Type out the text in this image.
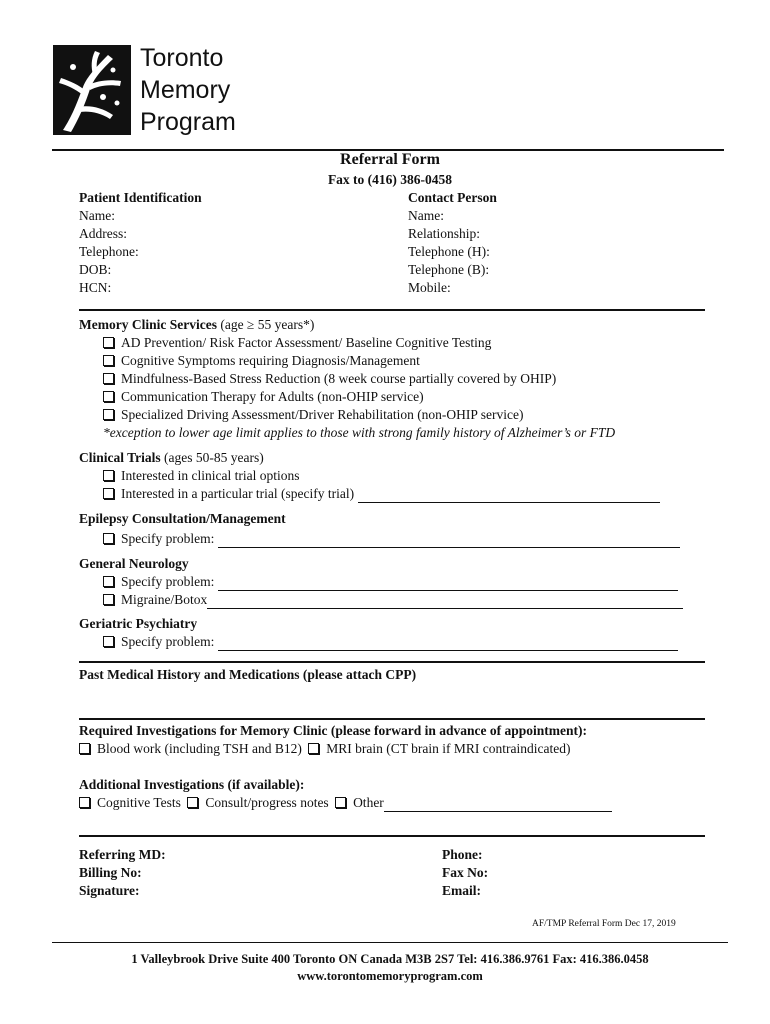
Toronto
Memory
Program
Referral Form
Fax to (416) 386-0458
Patient Identification
Name:
Address:
Telephone:
DOB:
HCN:
Contact Person
Name:
Relationship:
Telephone (H):
Telephone (B):
Mobile:
Memory Clinic Services (age ≥ 55 years*)
AD Prevention/ Risk Factor Assessment/ Baseline Cognitive Testing
Cognitive Symptoms requiring Diagnosis/Management
Mindfulness-Based Stress Reduction (8 week course partially covered by OHIP)
Communication Therapy for Adults (non-OHIP service)
Specialized Driving Assessment/Driver Rehabilitation (non-OHIP service)
*exception to lower age limit applies to those with strong family history of Alzheimer’s or FTD
Clinical Trials (ages 50-85 years)
Interested in clinical trial options
Interested in a particular trial (specify trial)
Epilepsy Consultation/Management
Specify problem:
General Neurology
Specify problem:
Migraine/Botox
Geriatric Psychiatry
Specify problem:
Past Medical History and Medications (please attach CPP)
Required Investigations for Memory Clinic (please forward in advance of appointment):
Blood work (including TSH and B12) MRI brain (CT brain if MRI contraindicated)
Additional Investigations (if available):
Cognitive Tests Consult/progress notes Other
Referring MD:
Billing No:
Signature:
Phone:
Fax No:
Email:
AF/TMP Referral Form Dec 17, 2019
1 Valleybrook Drive Suite 400 Toronto ON Canada M3B 2S7 Tel: 416.386.9761 Fax: 416.386.0458
www.torontomemoryprogram.com
